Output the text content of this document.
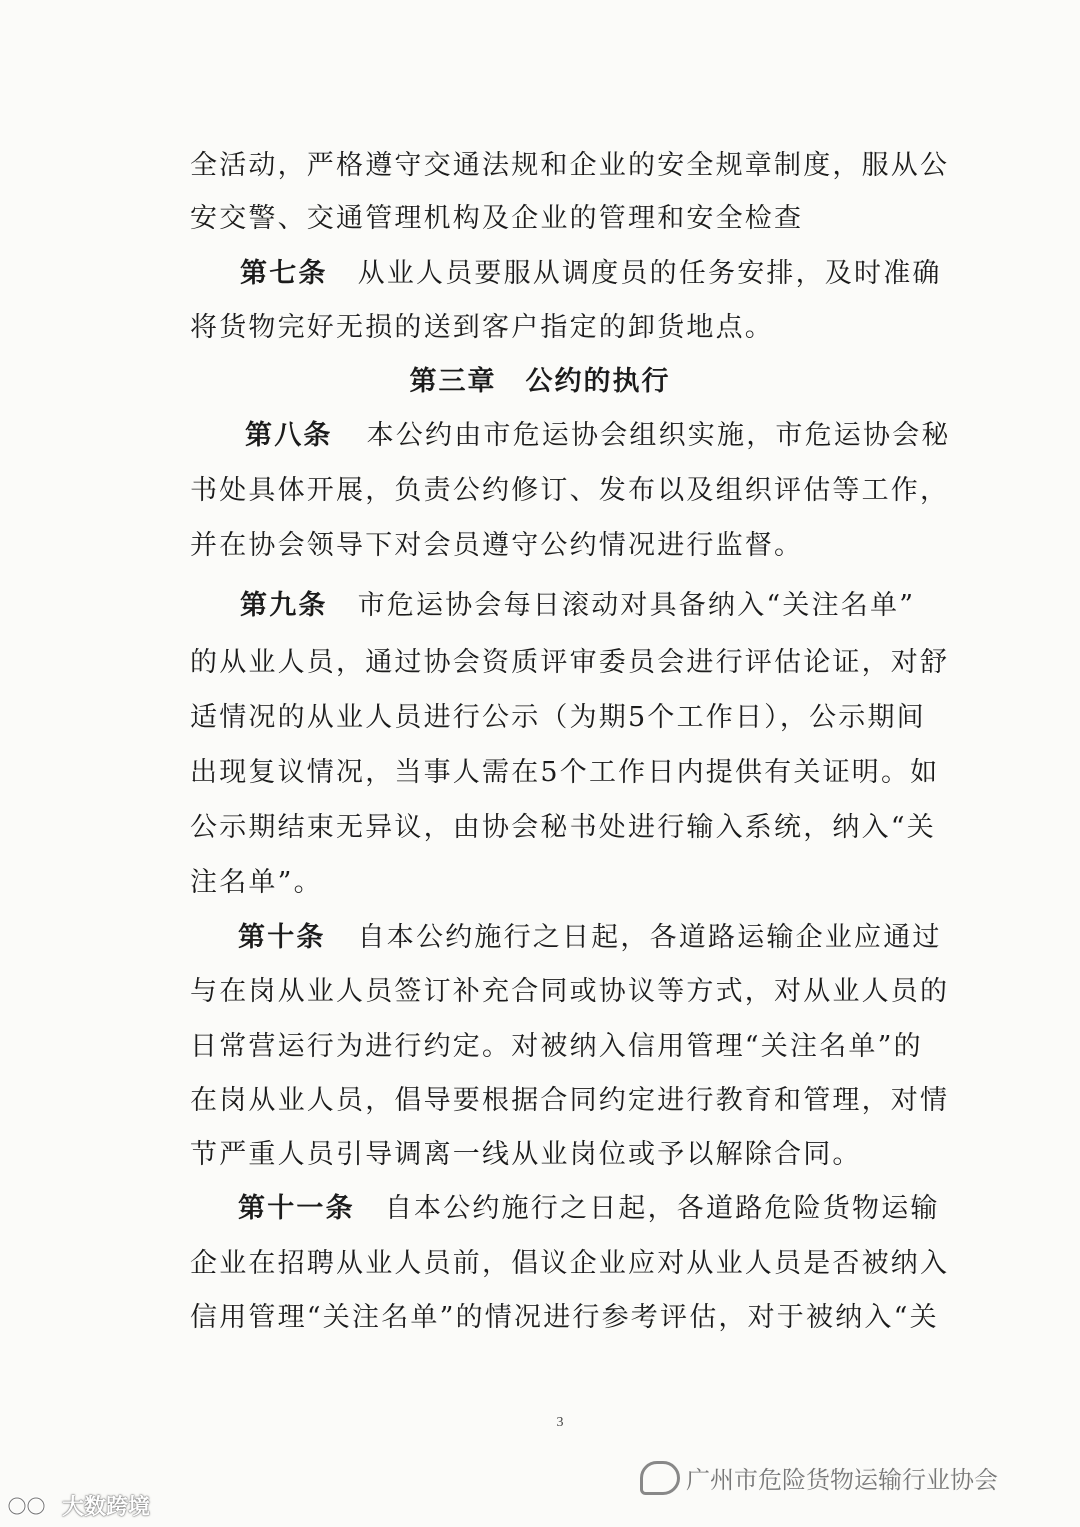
全活动，严格遵守交通法规和企业的安全规章制度，服从公
安交警、交通管理机构及企业的管理和安全检查
第七条 从业人员要服从调度员的任务安排，及时准确
将货物完好无损的送到客户指定的卸货地点。
第三章　公约的执行
第八条 本公约由市危运协会组织实施，市危运协会秘
书处具体开展，负责公约修订、发布以及组织评估等工作，
并在协会领导下对会员遵守公约情况进行监督。
第九条 市危运协会每日滚动对具备纳入“关注名单”
的从业人员，通过协会资质评审委员会进行评估论证，对舒
适情况的从业人员进行公示（为期5个工作日），公示期间
出现复议情况，当事人需在5个工作日内提供有关证明。如
公示期结束无异议，由协会秘书处进行输入系统，纳入“关
注名单”。
第十条 自本公约施行之日起，各道路运输企业应通过
与在岗从业人员签订补充合同或协议等方式，对从业人员的
日常营运行为进行约定。对被纳入信用管理“关注名单”的
在岗从业人员，倡导要根据合同约定进行教育和管理，对情
节严重人员引导调离一线从业岗位或予以解除合同。
第十一条 自本公约施行之日起，各道路危险货物运输
企业在招聘从业人员前，倡议企业应对从业人员是否被纳入
信用管理“关注名单”的情况进行参考评估，对于被纳入“关
3
广州市危险货物运输行业协会
大数跨境
